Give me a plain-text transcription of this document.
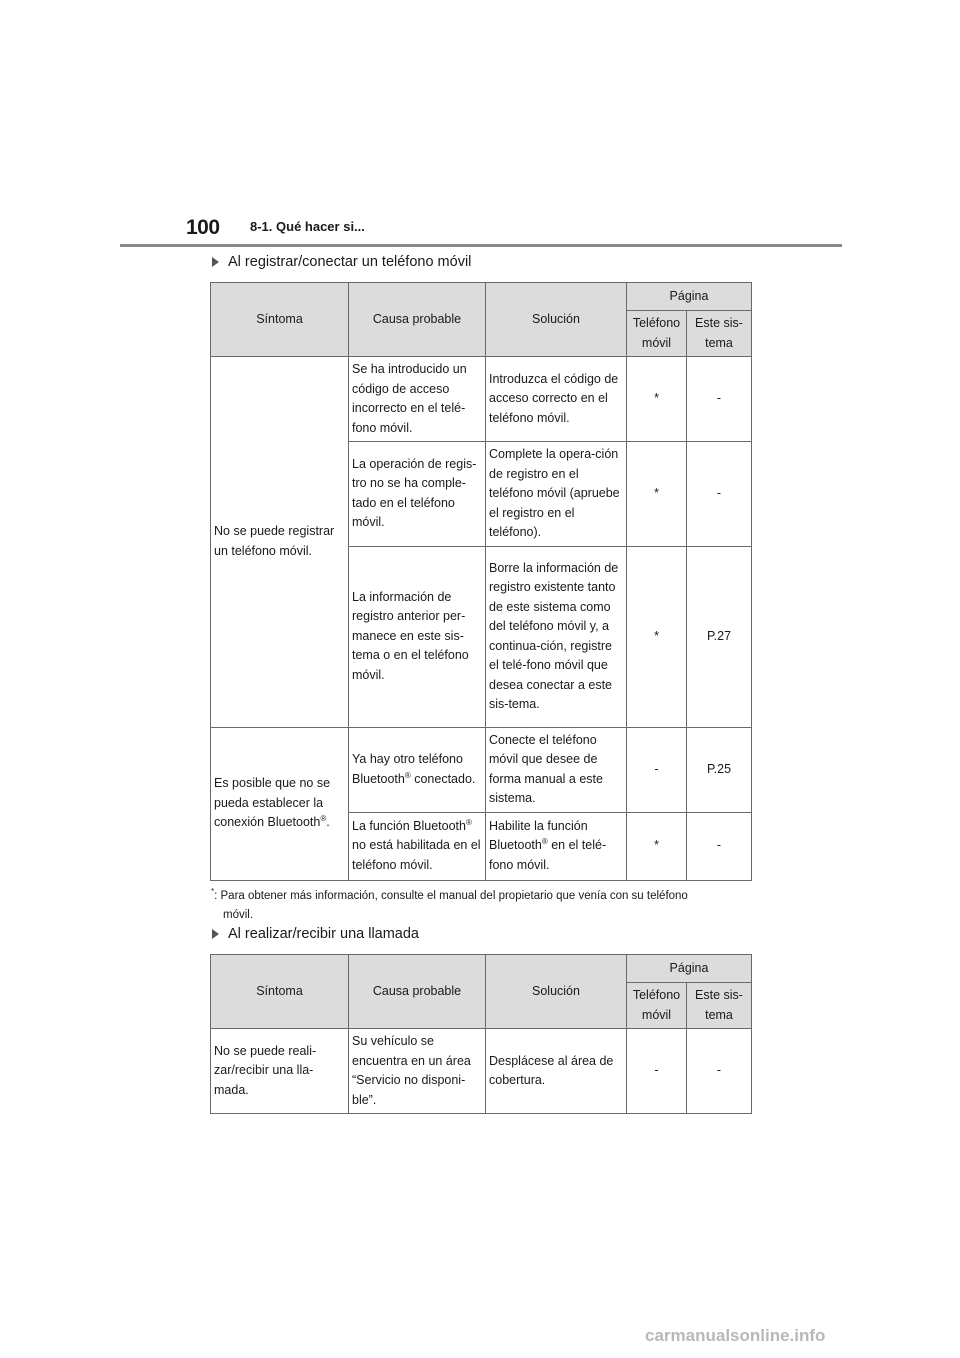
100 8-1. Qué hacer si...
Al registrar/conectar un teléfono móvil
Síntoma	Causa probable	Solución	Página	
			Teléfono móvil	Este sis-tema
No se puede registrar un teléfono móvil.	Se ha introducido un código de acceso incorrecto en el telé-fono móvil.	Introduzca el código de acceso correcto en el teléfono móvil.	*	-
	La operación de regis-tro no se ha comple-tado en el teléfono móvil.	Complete la opera-ción de registro en el teléfono móvil (apruebe el registro en el teléfono).	*	-
	La información de registro anterior per-manece en este sis-tema o en el teléfono móvil.	Borre la información de registro existente tanto de este sistema como del teléfono móvil y, a continua-ción, registre el telé-fono móvil que desea conectar a este sis-tema.	*	P.27
Es posible que no se pueda establecer la conexión Bluetooth®.	Ya hay otro teléfono Bluetooth® conectado.	Conecte el teléfono móvil que desee de forma manual a este sistema.	-	P.25
	La función Bluetooth® no está habilitada en el teléfono móvil.	Habilite la función Bluetooth® en el telé-fono móvil.	*	-
*: Para obtener más información, consulte el manual del propietario que venía con su teléfono
móvil.
Al realizar/recibir una llamada
Síntoma	Causa probable	Solución	Página	
			Teléfono móvil	Este sis-tema
No se puede reali-zar/recibir una lla-mada.	Su vehículo se encuentra en un área “Servicio no disponi-ble”.	Desplácese al área de cobertura.	-	-
carmanualsonline.info
